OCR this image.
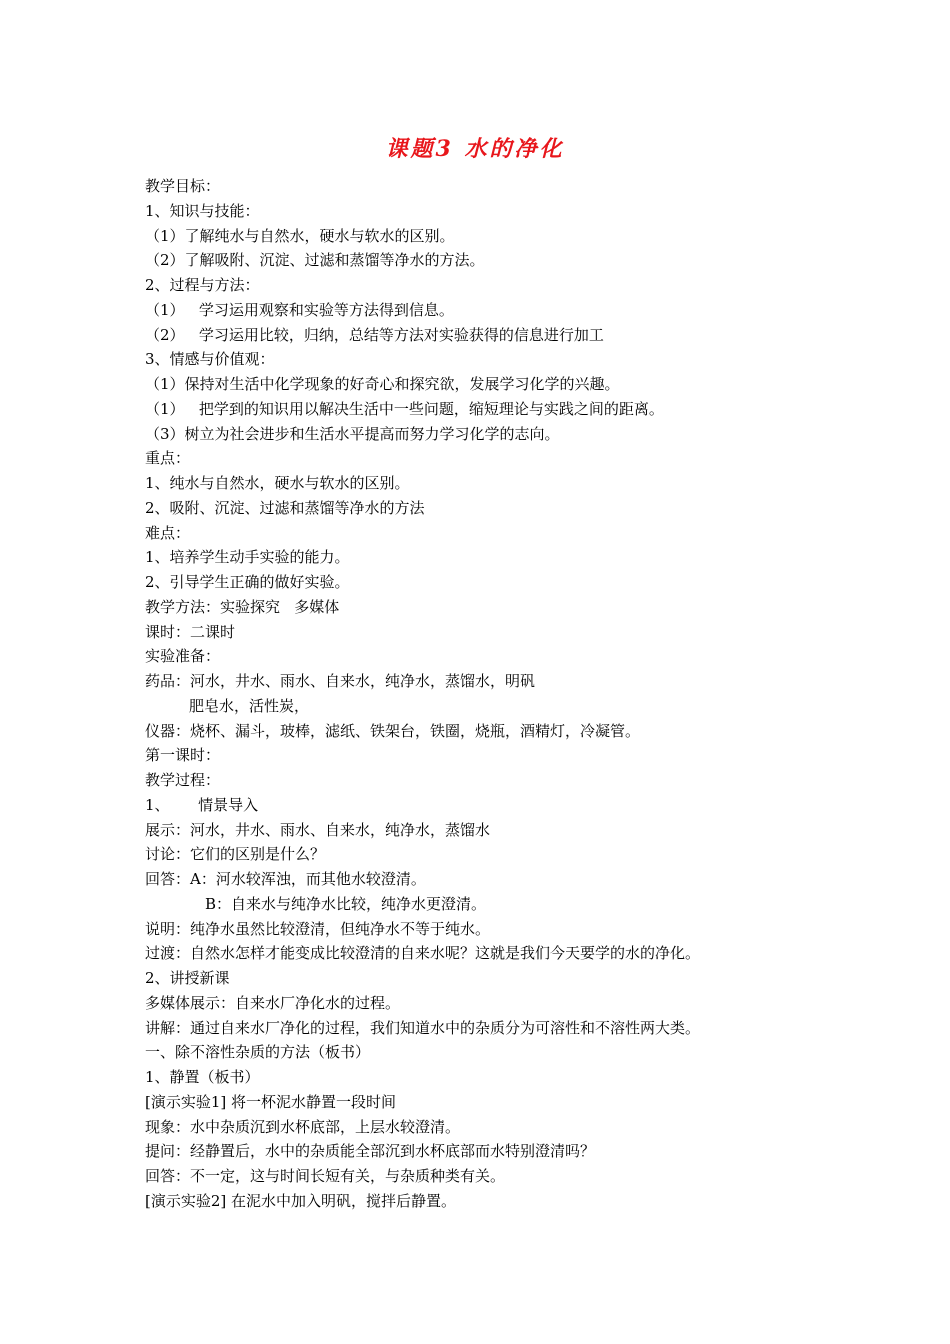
课题3 水的净化
教学目标：
1、知识与技能：
（1）了解纯水与自然水，硬水与软水的区别。
（2）了解吸附、沉淀、过滤和蒸馏等净水的方法。
2、过程与方法：
（1）   学习运用观察和实验等方法得到信息。
（2）   学习运用比较，归纳，总结等方法对实验获得的信息进行加工
3、情感与价值观：
（1）保持对生活中化学现象的好奇心和探究欲，发展学习化学的兴趣。
（1）   把学到的知识用以解决生活中一些问题，缩短理论与实践之间的距离。
（3）树立为社会进步和生活水平提高而努力学习化学的志向。
重点：
1、纯水与自然水，硬水与软水的区别。
2、吸附、沉淀、过滤和蒸馏等净水的方法
难点：
1、培养学生动手实验的能力。
2、引导学生正确的做好实验。
教学方法：实验探究   多媒体
课时：二课时
实验准备：
药品：河水，井水、雨水、自来水，纯净水，蒸馏水，明矾
肥皂水，活性炭，
仪器：烧杯、漏斗，玻棒，滤纸、铁架台，铁圈，烧瓶，酒精灯，冷凝管。
第一课时：
教学过程：
1、      情景导入
展示：河水，井水、雨水、自来水，纯净水，蒸馏水
讨论：它们的区别是什么？
回答：A：河水较浑浊，而其他水较澄清。
B：自来水与纯净水比较，纯净水更澄清。
说明：纯净水虽然比较澄清，但纯净水不等于纯水。
过渡：自然水怎样才能变成比较澄清的自来水呢？这就是我们今天要学的水的净化。
2、讲授新课
多媒体展示：自来水厂净化水的过程。
讲解：通过自来水厂净化的过程，我们知道水中的杂质分为可溶性和不溶性两大类。
一、除不溶性杂质的方法（板书）
1、静置（板书）
[演示实验1] 将一杯泥水静置一段时间
现象：水中杂质沉到水杯底部，上层水较澄清。
提问：经静置后，水中的杂质能全部沉到水杯底部而水特别澄清吗？
回答：不一定，这与时间长短有关，与杂质种类有关。
[演示实验2] 在泥水中加入明矾，搅拌后静置。
